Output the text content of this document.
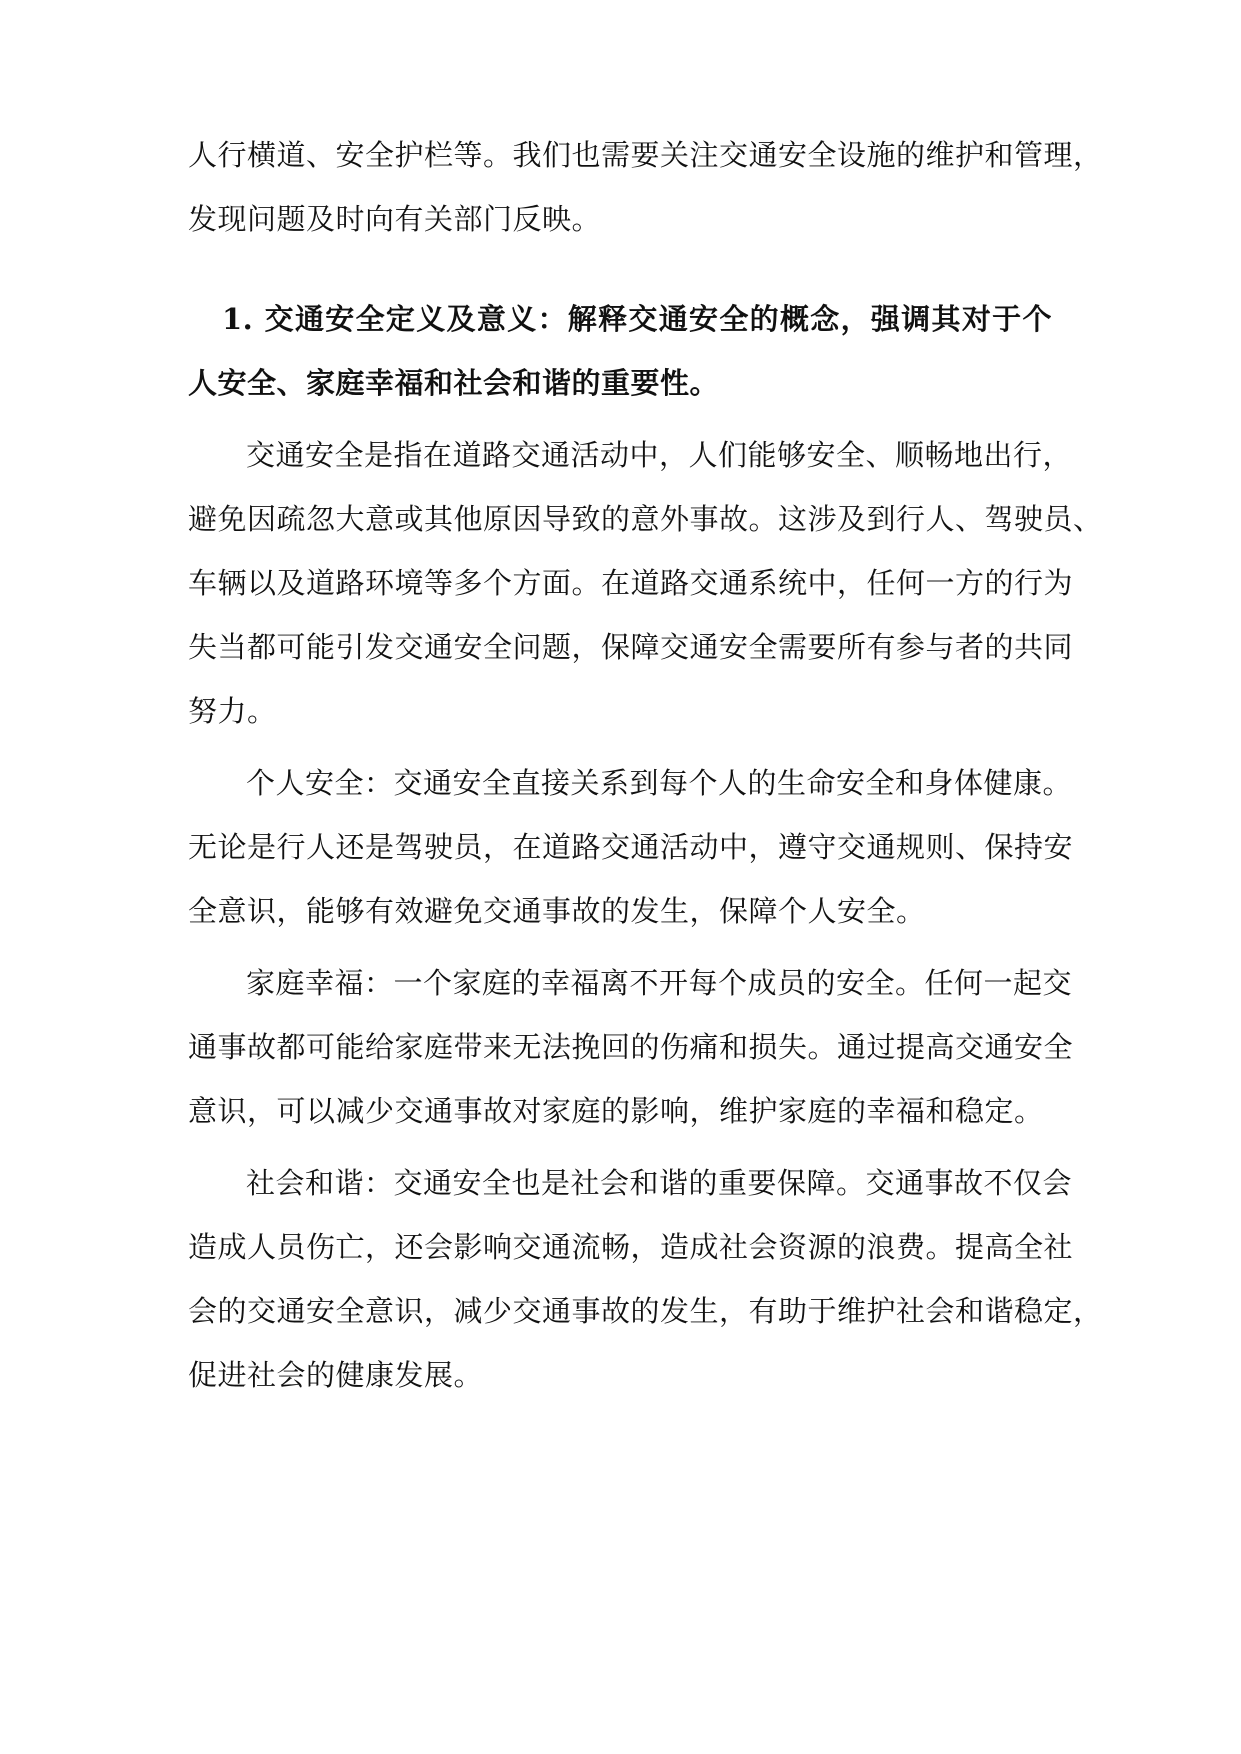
人行横道、安全护栏等。我们也需要关注交通安全设施的维护和管理，
发现问题及时向有关部门反映。
1. 交通安全定义及意义：解释交通安全的概念，强调其对于个
人安全、家庭幸福和社会和谐的重要性。
交通安全是指在道路交通活动中，人们能够安全、顺畅地出行，
避免因疏忽大意或其他原因导致的意外事故。这涉及到行人、驾驶员、
车辆以及道路环境等多个方面。在道路交通系统中，任何一方的行为
失当都可能引发交通安全问题，保障交通安全需要所有参与者的共同
努力。
个人安全：交通安全直接关系到每个人的生命安全和身体健康。
无论是行人还是驾驶员，在道路交通活动中，遵守交通规则、保持安
全意识，能够有效避免交通事故的发生，保障个人安全。
家庭幸福：一个家庭的幸福离不开每个成员的安全。任何一起交
通事故都可能给家庭带来无法挽回的伤痛和损失。通过提高交通安全
意识，可以减少交通事故对家庭的影响，维护家庭的幸福和稳定。
社会和谐：交通安全也是社会和谐的重要保障。交通事故不仅会
造成人员伤亡，还会影响交通流畅，造成社会资源的浪费。提高全社
会的交通安全意识，减少交通事故的发生，有助于维护社会和谐稳定，
促进社会的健康发展。
